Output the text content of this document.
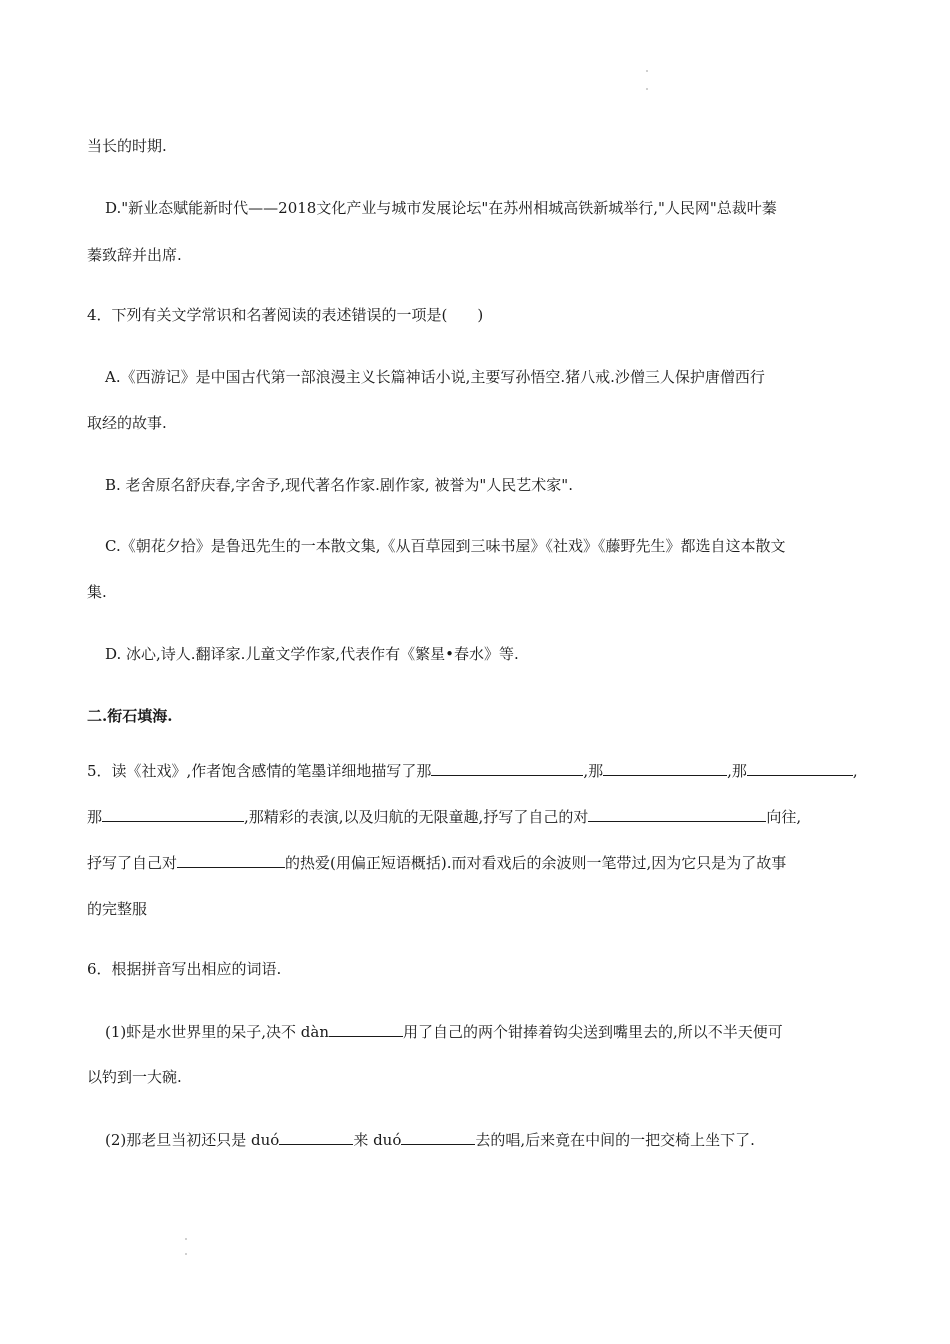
当长的时期.
D."新业态赋能新时代——2018文化产业与城市发展论坛"在苏州相城高铁新城举行,"人民网"总裁叶蓁
蓁致辞并出席.
4．下列有关文学常识和名著阅读的表述错误的一项是(　　)
A.《西游记》是中国古代第一部浪漫主义长篇神话小说,主要写孙悟空.猪八戒.沙僧三人保护唐僧西行
取经的故事.
B. 老舍原名舒庆春,字舍予,现代著名作家.剧作家, 被誉为"人民艺术家".
C.《朝花夕拾》是鲁迅先生的一本散文集,《从百草园到三味书屋》《社戏》《藤野先生》都选自这本散文
集.
D. 冰心,诗人.翻译家.儿童文学作家,代表作有《繁星•春水》等.
二.衔石填海.
5．读《社戏》,作者饱含感情的笔墨详细地描写了那	,那	,那	,
那	,那精彩的表演,以及归航的无限童趣,抒写了自己的对	向往,
抒写了自己对	的热爱(用偏正短语概括).而对看戏后的余波则一笔带过,因为它只是为了故事
的完整服
6．根据拼音写出相应的词语.
(1)虾是水世界里的呆子,决不 dàn	用了自己的两个钳捧着钩尖送到嘴里去的,所以不半天便可
以钓到一大碗.
(2)那老旦当初还只是 duó	来 duó	去的唱,后来竟在中间的一把交椅上坐下了.
